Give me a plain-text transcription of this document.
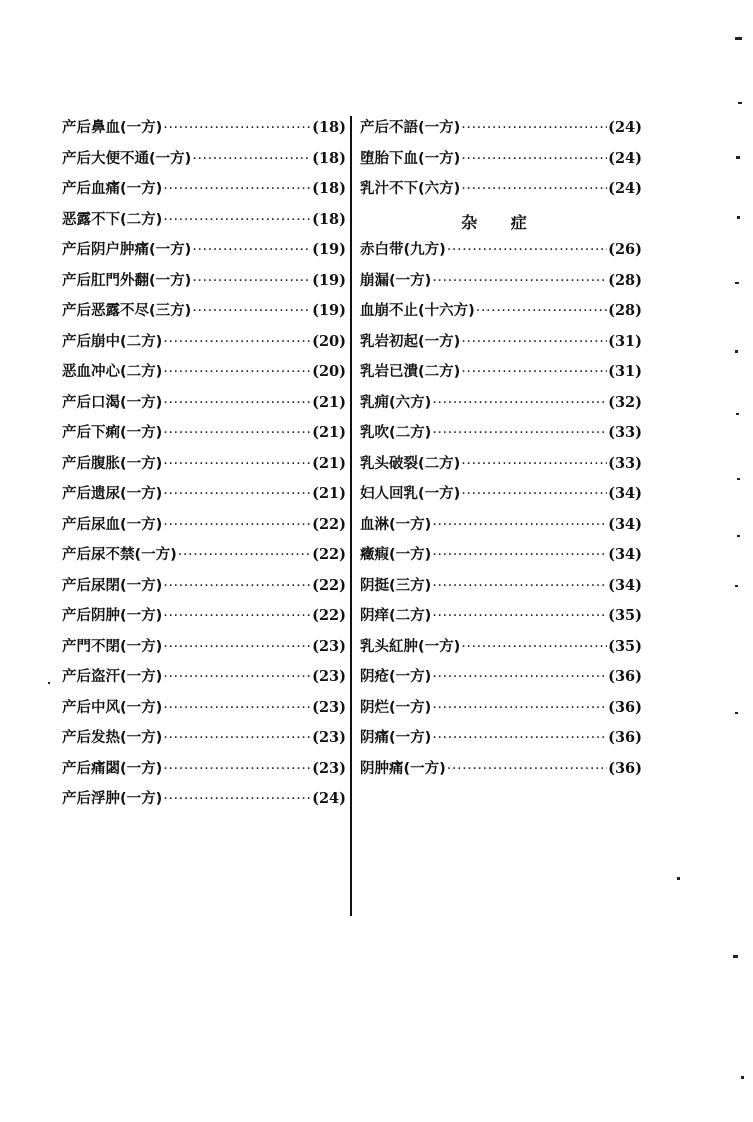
产后鼻血(一方) ·····	(18)
产后大便不通(一方) ·····	(18)
产后血痛(一方) ·····	(18)
恶露不下(二方) ·····	(18)
产后阴户肿痛(一方) ·····	(19)
产后肛門外翻(一方) ·····	(19)
产后恶露不尽(三方) ·····	(19)
产后崩中(二方) ·····	(20)
恶血冲心(二方) ·····	(20)
产后口渴(一方) ·····	(21)
产后下痢(一方) ·····	(21)
产后腹胀(一方) ·····	(21)
产后遗尿(一方) ·····	(21)
产后尿血(一方) ·····	(22)
产后尿不禁(一方) ·····	(22)
产后尿閉(一方) ·····	(22)
产后阴肿(一方) ·····	(22)
产門不閉(一方) ·····	(23)
产后盗汗(一方) ·····	(23)
产后中风(一方) ·····	(23)
产后发热(一方) ·····	(23)
产后痛閟(一方) ·····	(23)
产后浮肿(一方) ·····	(24)
产后不語(一方) ·····	(24)
堕胎下血(一方) ·····	(24)
乳汁不下(六方) ·····	(24)
杂 症
赤白带(九方) ·····	(26)
崩漏(一方) ·····	(28)
血崩不止(十六方) ·····	(28)
乳岩初起(一方) ·····	(31)
乳岩已潰(二方) ·····	(31)
乳痈(六方) ·····	(32)
乳吹(二方) ·····	(33)
乳头破裂(二方) ·····	(33)
妇人回乳(一方) ·····	(34)
血淋(一方) ·····	(34)
癥瘕(一方) ·····	(34)
阴挺(三方) ·····	(34)
阴痒(二方) ·····	(35)
乳头紅肿(一方) ·····	(35)
阴疮(一方) ·····	(36)
阴烂(一方) ·····	(36)
阴痛(一方) ·····	(36)
阴肿痛(一方) ·····	(36)
